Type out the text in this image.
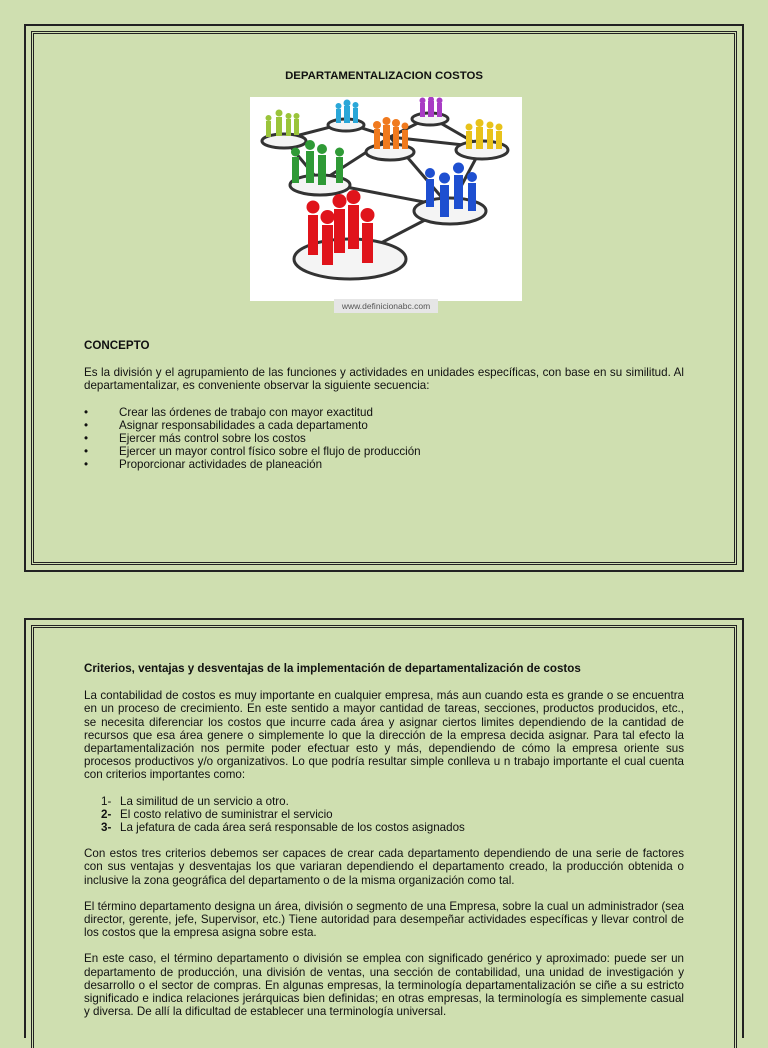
DEPARTAMENTALIZACION COSTOS
www.definicionabc.com
CONCEPTO

Es la división y el agrupamiento de las funciones y actividades en unidades específicas, con base en su similitud. Al departamentalizar, es conveniente observar la siguiente secuencia:

•	Crear las órdenes de trabajo con mayor exactitud
•	Asignar responsabilidades a cada departamento
•	Ejercer más control sobre los costos
•	Ejercer un mayor control físico sobre el flujo de producción
•	Proporcionar actividades de planeación
Criterios, ventajas y desventajas de la implementación de departamentalización de costos

La contabilidad de costos es muy importante en cualquier empresa, más aun cuando esta es grande o se encuentra en un proceso de crecimiento. En este sentido a mayor cantidad de tareas, secciones, productos producidos, etc., se necesita diferenciar los costos que incurre cada área y asignar ciertos limites dependiendo de la cantidad de recursos que esa área genere o simplemente lo que la dirección de la empresa decida asignar. Para tal efecto la departamentalización nos permite poder efectuar esto y más, dependiendo de cómo la empresa oriente sus procesos productivos y/o organizativos. Lo que podría resultar simple conlleva u n trabajo importante el cual cuenta con criterios importantes como:

1- La similitud de un servicio a otro.
2- El costo relativo de suministrar el servicio
3- La jefatura de cada área será responsable de los costos asignados

Con estos tres criterios debemos ser capaces de crear cada departamento dependiendo de una serie de factores con sus ventajas y desventajas los que variaran dependiendo el departamento creado, la producción obtenida o inclusive la zona geográfica del departamento o de la misma organización como tal.

El término departamento designa un área, división o segmento de una Empresa, sobre la cual un administrador (sea director, gerente, jefe, Supervisor, etc.) Tiene autoridad para desempeñar actividades específicas y llevar control de los costos que la empresa asigna sobre esta.

En este caso, el término departamento o división se emplea con significado genérico y aproximado: puede ser un departamento de producción, una división de ventas, una sección de contabilidad, una unidad de investigación y desarrollo o el sector de compras. En algunas empresas, la terminología departamentalización se ciñe a su estricto significado e indica relaciones jerárquicas bien definidas; en otras empresas, la terminología es simplemente casual y diversa. De allí la dificultad de establecer una terminología universal.
